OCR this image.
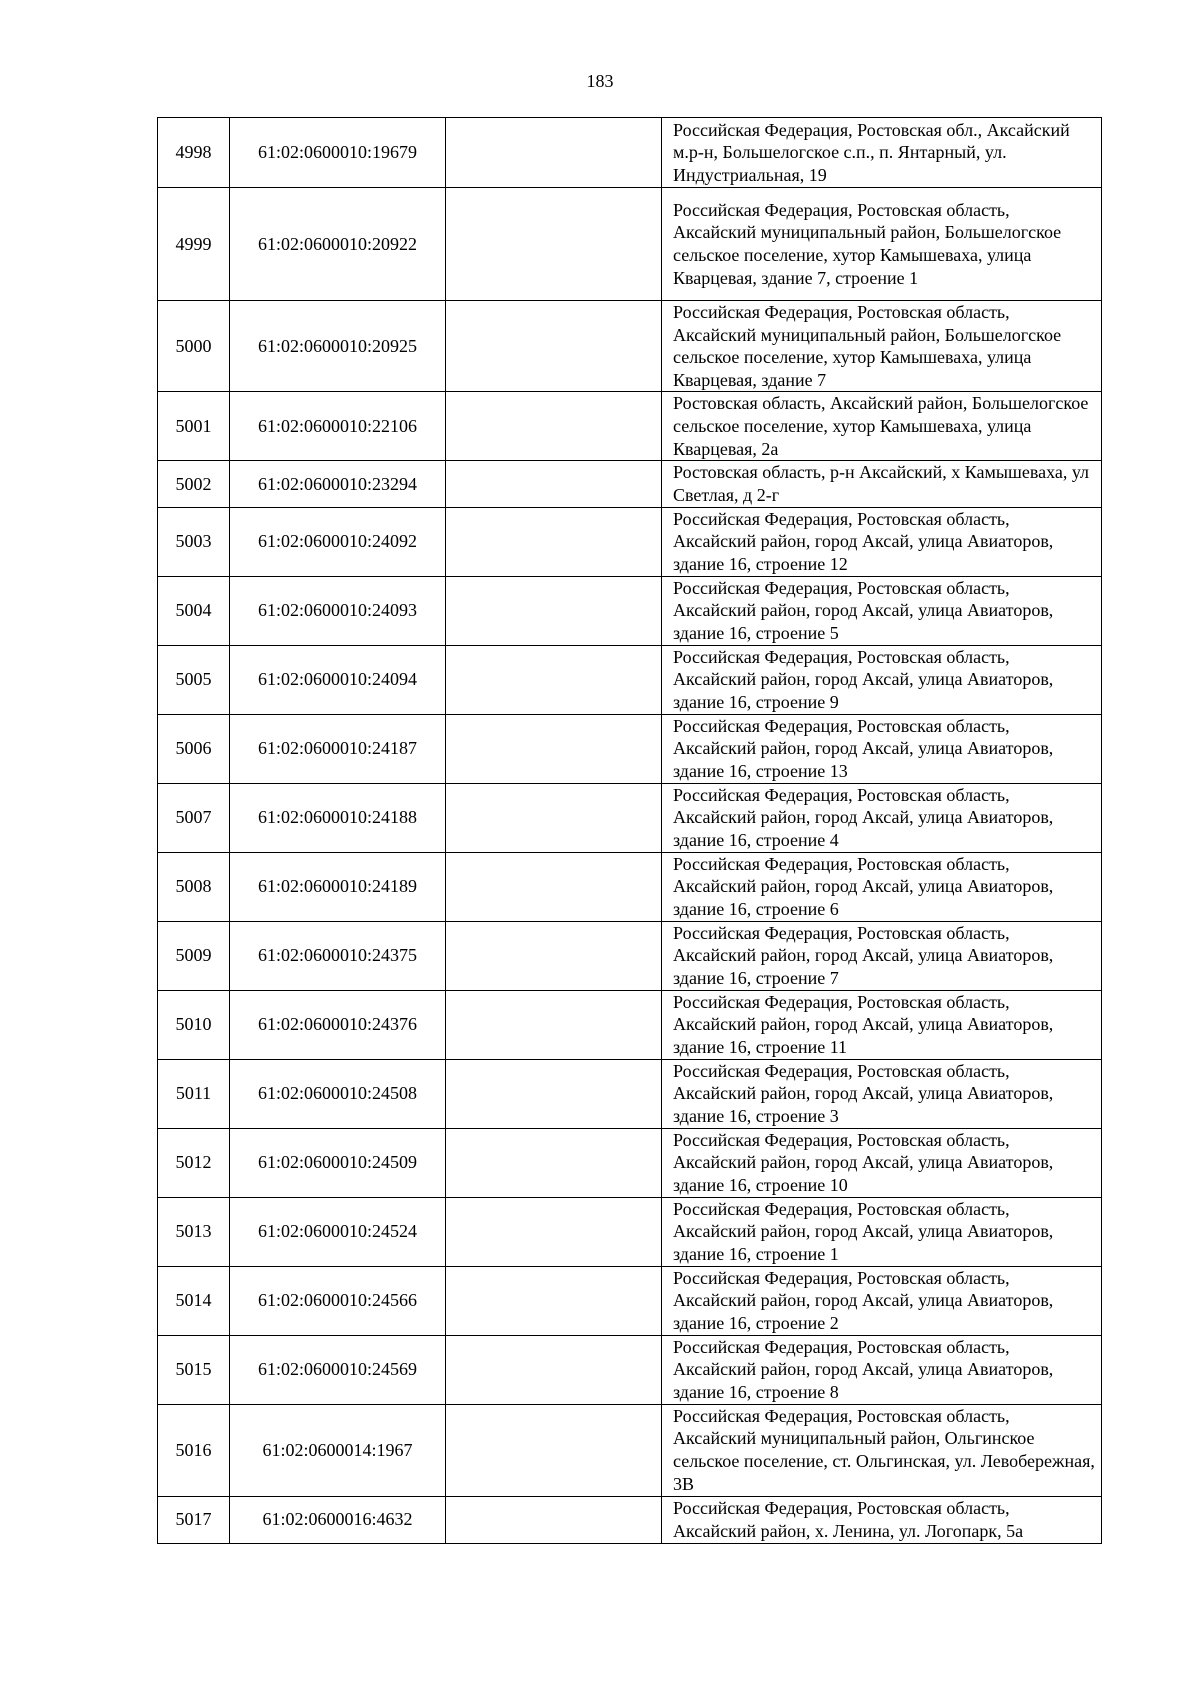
183
4998	61:02:0600010:19679		Российская Федерация, Ростовская обл., Аксайский м.р-н, Большелогское с.п., п. Янтарный, ул. Индустриальная, 19
4999	61:02:0600010:20922		Российская Федерация, Ростовская область, Аксайский муниципальный район, Большелогское сельское поселение, хутор Камышеваха, улица Кварцевая, здание 7, строение 1
5000	61:02:0600010:20925		Российская Федерация, Ростовская область, Аксайский муниципальный район, Большелогское сельское поселение, хутор Камышеваха, улица Кварцевая, здание 7
5001	61:02:0600010:22106		Ростовская область, Аксайский район, Большелогское сельское поселение, хутор Камышеваха, улица Кварцевая, 2а
5002	61:02:0600010:23294		Ростовская область, р-н Аксайский, х Камышеваха, ул Светлая, д 2-г
5003	61:02:0600010:24092		Российская Федерация, Ростовская область, Аксайский район, город Аксай, улица Авиаторов, здание 16, строение 12
5004	61:02:0600010:24093		Российская Федерация, Ростовская область, Аксайский район, город Аксай, улица Авиаторов, здание 16, строение 5
5005	61:02:0600010:24094		Российская Федерация, Ростовская область, Аксайский район, город Аксай, улица Авиаторов, здание 16, строение 9
5006	61:02:0600010:24187		Российская Федерация, Ростовская область, Аксайский район, город Аксай, улица Авиаторов, здание 16, строение 13
5007	61:02:0600010:24188		Российская Федерация, Ростовская область, Аксайский район, город Аксай, улица Авиаторов, здание 16, строение 4
5008	61:02:0600010:24189		Российская Федерация, Ростовская область, Аксайский район, город Аксай, улица Авиаторов, здание 16, строение 6
5009	61:02:0600010:24375		Российская Федерация, Ростовская область, Аксайский район, город Аксай, улица Авиаторов, здание 16, строение 7
5010	61:02:0600010:24376		Российская Федерация, Ростовская область, Аксайский район, город Аксай, улица Авиаторов, здание 16, строение 11
5011	61:02:0600010:24508		Российская Федерация, Ростовская область, Аксайский район, город Аксай, улица Авиаторов, здание 16, строение 3
5012	61:02:0600010:24509		Российская Федерация, Ростовская область, Аксайский район, город Аксай, улица Авиаторов, здание 16, строение 10
5013	61:02:0600010:24524		Российская Федерация, Ростовская область, Аксайский район, город Аксай, улица Авиаторов, здание 16, строение 1
5014	61:02:0600010:24566		Российская Федерация, Ростовская область, Аксайский район, город Аксай, улица Авиаторов, здание 16, строение 2
5015	61:02:0600010:24569		Российская Федерация, Ростовская область, Аксайский район, город Аксай, улица Авиаторов, здание 16, строение 8
5016	61:02:0600014:1967		Российская Федерация, Ростовская область, Аксайский муниципальный район, Ольгинское сельское поселение, ст. Ольгинская, ул. Левобережная, 3В
5017	61:02:0600016:4632		Российская Федерация, Ростовская область, Аксайский район, х. Ленина, ул. Логопарк, 5а
